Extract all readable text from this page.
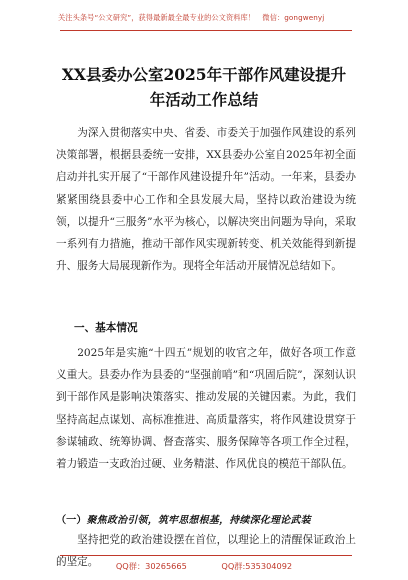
关注头条号“公文研究”，获得最新最全最专业的公文资料库！　微信：gongwenyj
XX县委办公室2025年干部作风建设提升
年活动工作总结
为深入贯彻落实中央、省委、市委关于加强作风建设的系列决策部署，根据县委统一安排，XX县委办公室自2025年初全面启动并扎实开展了“干部作风建设提升年”活动。一年来，县委办紧紧围绕县委中心工作和全县发展大局，坚持以政治建设为统领，以提升“三服务”水平为核心，以解决突出问题为导向，采取一系列有力措施，推动干部作风实现新转变、机关效能得到新提升、服务大局展现新作为。现将全年活动开展情况总结如下。
一、基本情况
2025年是实施“十四五”规划的收官之年，做好各项工作意义重大。县委办作为县委的“坚强前哨”和“巩固后院”，深刻认识到干部作风是影响决策落实、推动发展的关键因素。为此，我们坚持高起点谋划、高标准推进、高质量落实，将作风建设贯穿于参谋辅政、统筹协调、督查落实、服务保障等各项工作全过程，着力锻造一支政治过硬、业务精湛、作风优良的模范干部队伍。
（一）聚焦政治引领，筑牢思想根基，持续深化理论武装
坚持把党的政治建设摆在首位，以理论上的清醒保证政治上的坚定。	QQ群：30265665	QQ群:535304092
